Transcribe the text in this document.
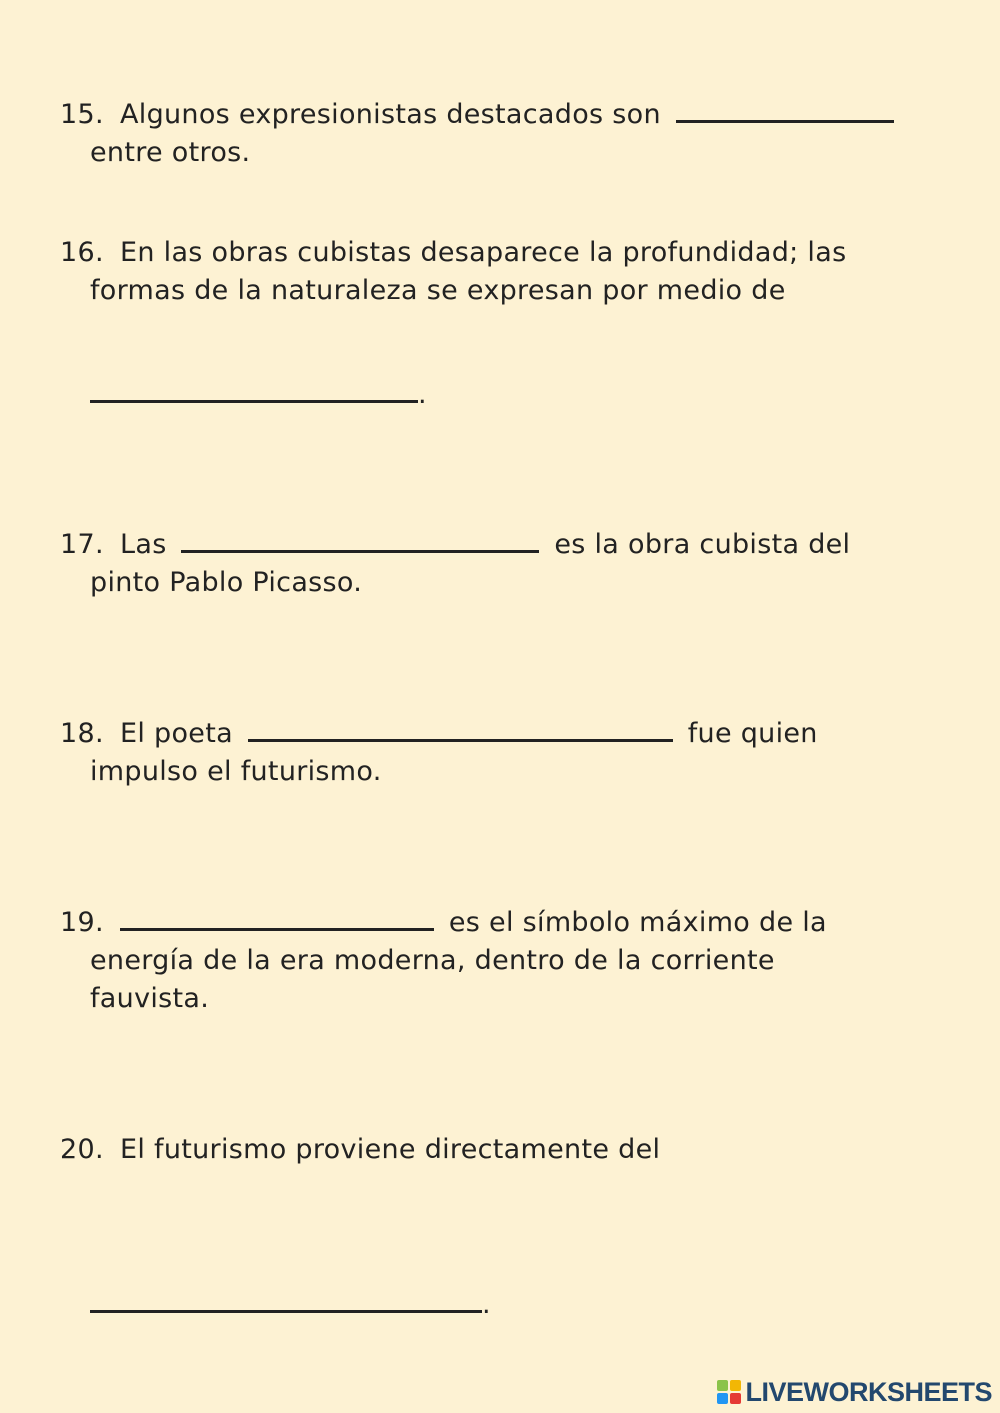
15. Algunos expresionistas destacados son
entre otros.
16. En las obras cubistas desaparece la profundidad; las
formas de la naturaleza se expresan por medio de
.
17. Las	es la obra cubista del
pinto Pablo Picasso.
18. El poeta	fue quien
impulso el futurismo.
19.	es el símbolo máximo de la
energía de la era moderna, dentro de la corriente
fauvista.
20. El futurismo proviene directamente del
.
LIVEWORKSHEETS
